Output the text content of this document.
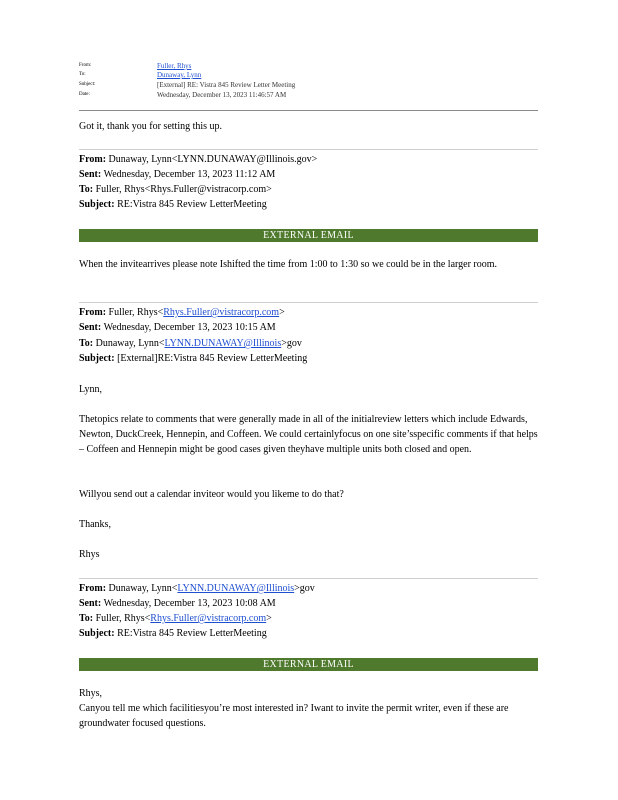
From:	Fuller, Rhys
To:	Dunaway, Lynn
Subject:	[External] RE: Vistra 845 Review Letter Meeting
Date:	Wednesday, December 13, 2023 11:46:57 AM
Got it, thank you for setting this up.
From: Dunaway, Lynn<LYNN.DUNAWAY@Illinois.gov>
Sent: Wednesday, December 13, 2023 11:12 AM
To: Fuller, Rhys<Rhys.Fuller@vistracorp.com>
Subject: RE:Vistra 845 Review LetterMeeting
EXTERNAL EMAIL
When the invitearrives please note Ishifted the time from 1:00 to 1:30 so we could be in the larger room.
From: Fuller, Rhys<Rhys.Fuller@vistracorp.com>
Sent: Wednesday, December 13, 2023 10:15 AM
To: Dunaway, Lynn<LYNN.DUNAWAY@Illinois>gov
Subject: [External]RE:Vistra 845 Review LetterMeeting
Lynn,
Thetopics relate to comments that were generally made in all of the initialreview letters which include Edwards, Newton, DuckCreek, Hennepin, and Coffeen. We could certainlyfocus on one site’sspecific comments if that helps – Coffeen and Hennepin might be good cases given theyhave multiple units both closed and open.
Willyou send out a calendar inviteor would you likeme to do that?
Thanks,
Rhys
From: Dunaway, Lynn<LYNN.DUNAWAY@Illinois>gov
Sent: Wednesday, December 13, 2023 10:08 AM
To: Fuller, Rhys<Rhys.Fuller@vistracorp.com>
Subject: RE:Vistra 845 Review LetterMeeting
EXTERNAL EMAIL
Rhys,
Canyou tell me which facilitiesyou’re most interested in? Iwant to invite the permit writer, even if these are groundwater focused questions.
